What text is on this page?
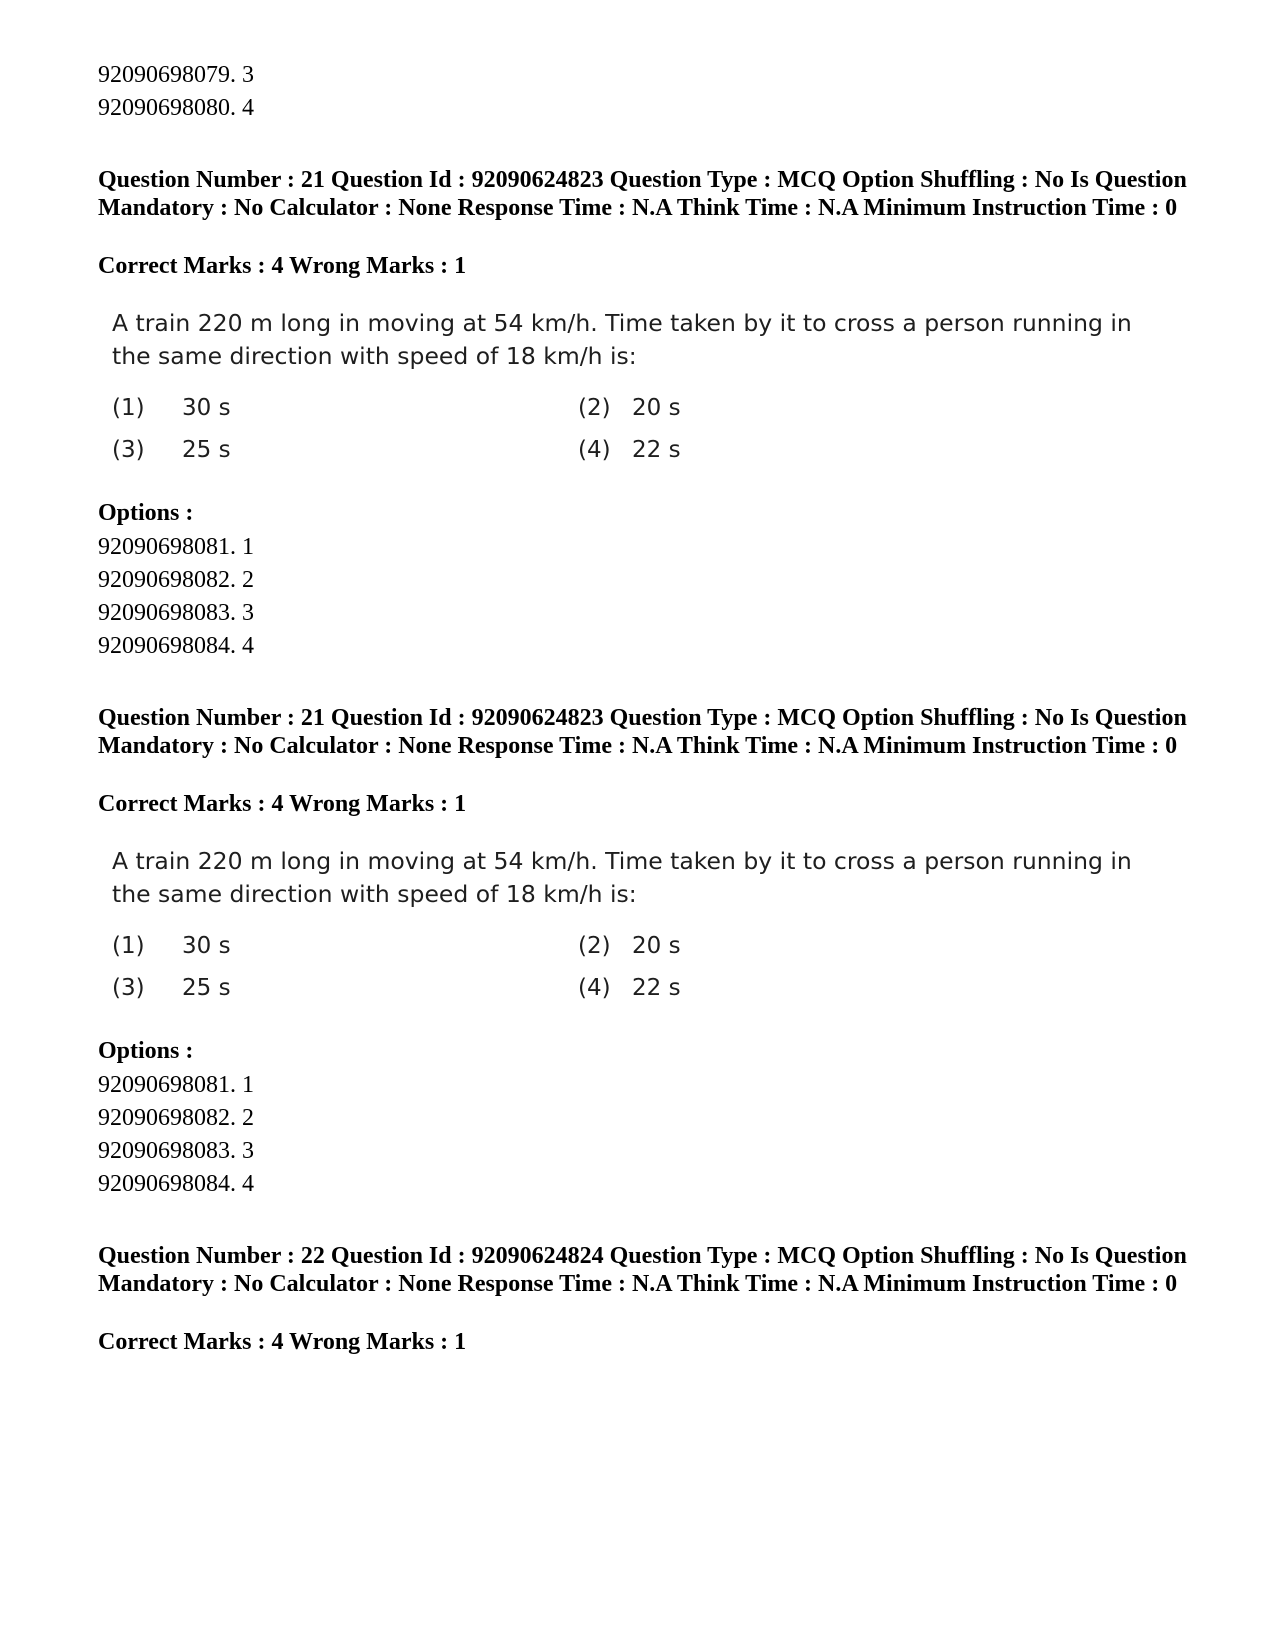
92090698079. 3
92090698080. 4
Question Number : 21 Question Id : 92090624823 Question Type : MCQ Option Shuffling : No Is Question Mandatory : No Calculator : None Response Time : N.A Think Time : N.A Minimum Instruction Time : 0
Correct Marks : 4 Wrong Marks : 1
A train 220 m long in moving at 54 km/h. Time taken by it to cross a person running in the same direction with speed of 18 km/h is:
(1) 30 s	(2) 20 s
(3) 25 s	(4) 22 s
Options :
92090698081. 1
92090698082. 2
92090698083. 3
92090698084. 4
Question Number : 21 Question Id : 92090624823 Question Type : MCQ Option Shuffling : No Is Question Mandatory : No Calculator : None Response Time : N.A Think Time : N.A Minimum Instruction Time : 0
Correct Marks : 4 Wrong Marks : 1
A train 220 m long in moving at 54 km/h. Time taken by it to cross a person running in the same direction with speed of 18 km/h is:
(1) 30 s	(2) 20 s
(3) 25 s	(4) 22 s
Options :
92090698081. 1
92090698082. 2
92090698083. 3
92090698084. 4
Question Number : 22 Question Id : 92090624824 Question Type : MCQ Option Shuffling : No Is Question Mandatory : No Calculator : None Response Time : N.A Think Time : N.A Minimum Instruction Time : 0
Correct Marks : 4 Wrong Marks : 1
